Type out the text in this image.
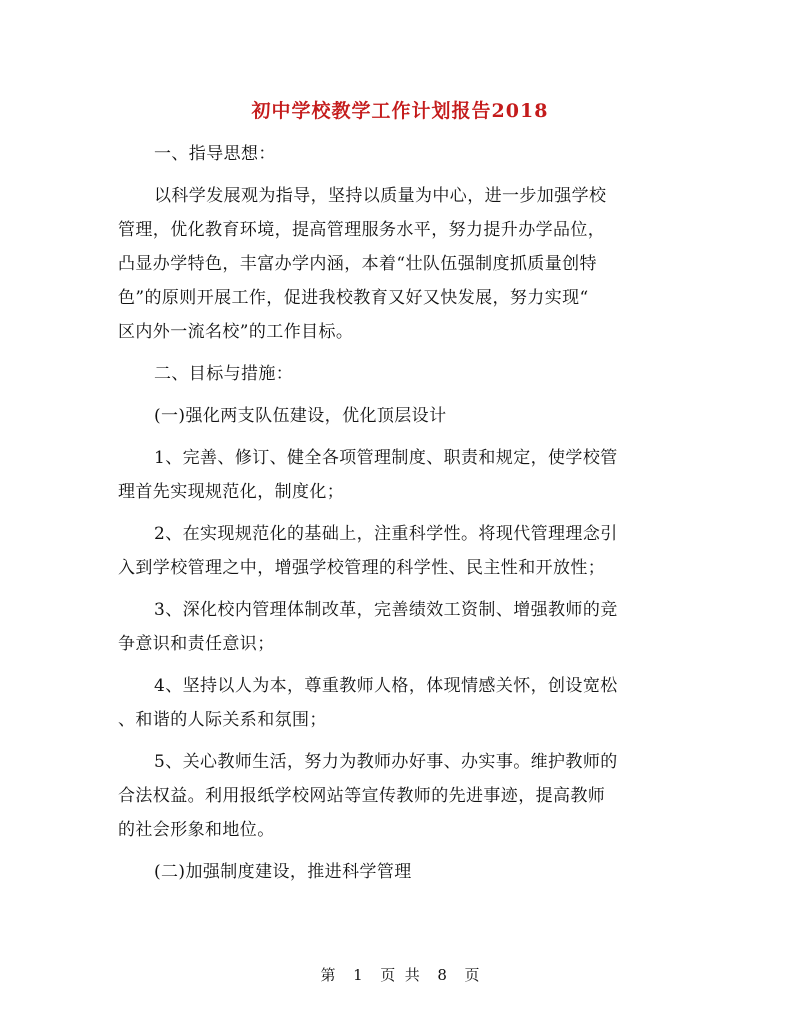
初中学校教学工作计划报告2018
一、指导思想：
以科学发展观为指导，坚持以质量为中心，进一步加强学校
管理，优化教育环境，提高管理服务水平，努力提升办学品位，
凸显办学特色，丰富办学内涵，本着“壮队伍强制度抓质量创特
色”的原则开展工作，促进我校教育又好又快发展，努力实现“
区内外一流名校”的工作目标。
二、目标与措施：
(一)强化两支队伍建设，优化顶层设计
1、完善、修订、健全各项管理制度、职责和规定，使学校管
理首先实现规范化，制度化；
2、在实现规范化的基础上，注重科学性。将现代管理理念引
入到学校管理之中，增强学校管理的科学性、民主性和开放性；
3、深化校内管理体制改革，完善绩效工资制、增强教师的竞
争意识和责任意识；
4、坚持以人为本，尊重教师人格，体现情感关怀，创设宽松
、和谐的人际关系和氛围；
5、关心教师生活，努力为教师办好事、办实事。维护教师的
合法权益。利用报纸学校网站等宣传教师的先进事迹，提高教师
的社会形象和地位。
(二)加强制度建设，推进科学管理
第 1 页  共 8 页
